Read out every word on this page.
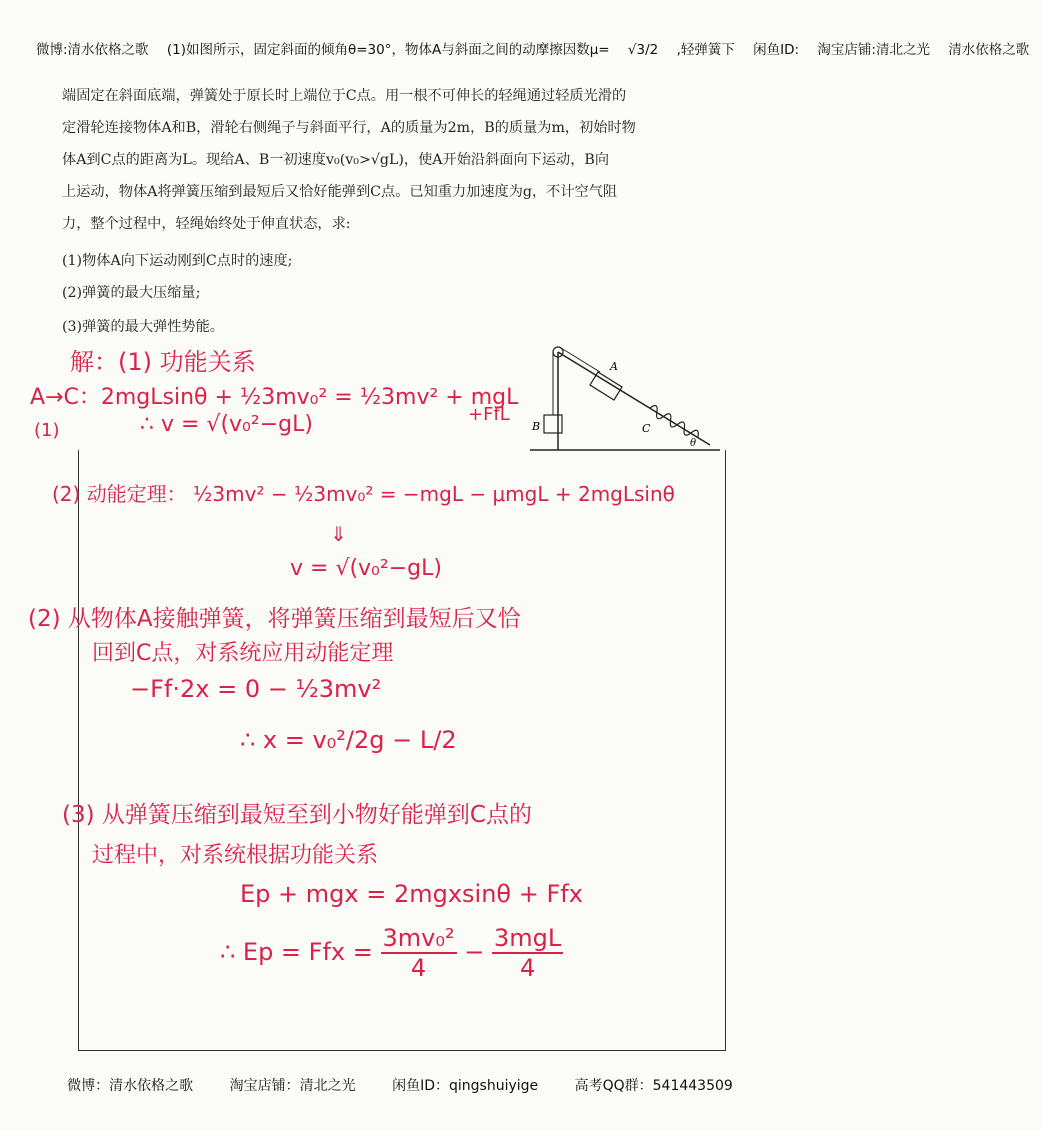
微博:清水依格之歌 (1)如图所示，固定斜面的倾角θ=30°，物体A与斜面之间的动摩擦因数μ= √3/2 ,轻弹簧下 闲鱼ID: 淘宝店铺:清北之光 清水依格之歌

端固定在斜面底端，弹簧处于原长时上端位于C点。用一根不可伸长的轻绳通过轻质光滑的

定滑轮连接物体A和B，滑轮右侧绳子与斜面平行，A的质量为2m，B的质量为m，初始时物

体A到C点的距离为L。现给A、B一初速度v₀(v₀>√gL)，使A开始沿斜面向下运动，B向

上运动，物体A将弹簧压缩到最短后又恰好能弹到C点。已知重力加速度为g，不计空气阻

力，整个过程中，轻绳始终处于伸直状态，求:

(1)物体A向下运动刚到C点时的速度;
(2)弹簧的最大压缩量;
(3)弹簧的最大弹性势能。
A
B	C
θ
解：(1) 功能关系
A→C：2mgLsinθ + ½3mv₀² = ½3mv² + mgL
+FfL
(1)	∴ v = √(v₀²−gL)
(2) 动能定理： ½3mv² − ½3mv₀² = −mgL − μmgL + 2mgLsinθ
⇓
v = √(v₀²−gL)
(2) 从物体A接触弹簧，将弹簧压缩到最短后又恰
回到C点，对系统应用动能定理
−Ff·2x = 0 − ½3mv²
∴ x = v₀²/2g − L/2
(3) 从弹簧压缩到最短至到小物好能弹到C点的
过程中，对系统根据功能关系
Ep + mgx = 2mgxsinθ + Ffx
∴ Ep = Ffx = $\frac{\text{3mv₀²}}{4} - \frac{\text{3mgL}}{4}$
微博：清水依格之歌	淘宝店铺：清北之光	闲鱼ID：qingshuiyige	高考QQ群：541443509
